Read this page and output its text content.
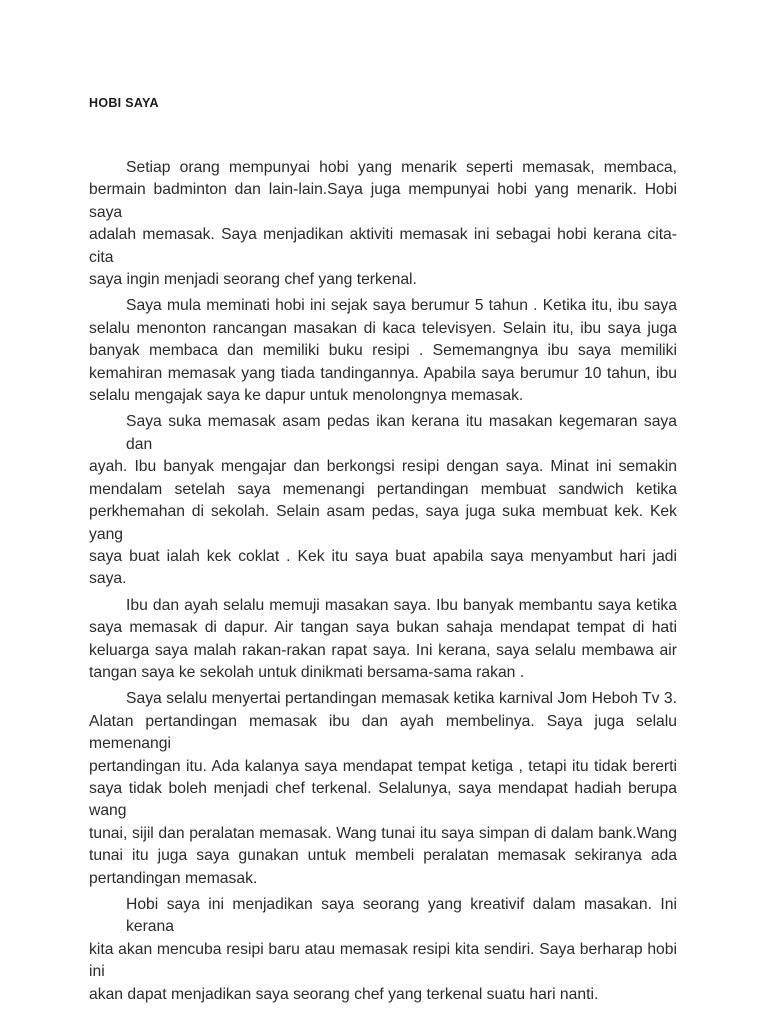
HOBI SAYA
Setiap orang mempunyai hobi yang menarik seperti memasak, membaca,
bermain badminton dan lain-lain.Saya juga mempunyai hobi yang menarik. Hobi saya
adalah memasak. Saya menjadikan aktiviti memasak ini sebagai hobi kerana cita-cita
saya ingin menjadi seorang chef yang terkenal.
Saya mula meminati hobi ini sejak saya berumur 5 tahun . Ketika itu, ibu saya
selalu menonton rancangan masakan di kaca televisyen. Selain itu, ibu saya juga
banyak membaca dan memiliki buku resipi . Sememangnya ibu saya memiliki
kemahiran memasak yang tiada tandingannya. Apabila saya berumur 10 tahun, ibu
selalu mengajak saya ke dapur untuk menolongnya memasak.
Saya suka memasak asam pedas ikan kerana itu masakan kegemaran saya dan
ayah. Ibu banyak mengajar dan berkongsi resipi dengan saya. Minat ini semakin
mendalam setelah saya memenangi pertandingan membuat sandwich ketika
perkhemahan di sekolah. Selain asam pedas, saya juga suka membuat kek. Kek yang
saya buat ialah kek coklat . Kek itu saya buat apabila saya menyambut hari jadi saya.
Ibu dan ayah selalu memuji masakan saya. Ibu banyak membantu saya ketika
saya memasak di dapur. Air tangan saya bukan sahaja mendapat tempat di hati
keluarga saya malah rakan-rakan rapat saya. Ini kerana, saya selalu membawa air
tangan saya ke sekolah untuk dinikmati bersama-sama rakan .
Saya selalu menyertai pertandingan memasak ketika karnival Jom Heboh Tv 3.
Alatan pertandingan memasak ibu dan ayah membelinya. Saya juga selalu memenangi
pertandingan itu. Ada kalanya saya mendapat tempat ketiga , tetapi itu tidak bererti
saya tidak boleh menjadi chef terkenal. Selalunya, saya mendapat hadiah berupa wang
tunai, sijil dan peralatan memasak. Wang tunai itu saya simpan di dalam bank.Wang
tunai itu juga saya gunakan untuk membeli peralatan memasak sekiranya ada
pertandingan memasak.
Hobi saya ini menjadikan saya seorang yang kreativif dalam masakan. Ini kerana
kita akan mencuba resipi baru atau memasak resipi kita sendiri. Saya berharap hobi ini
akan dapat menjadikan saya seorang chef yang terkenal suatu hari nanti.
